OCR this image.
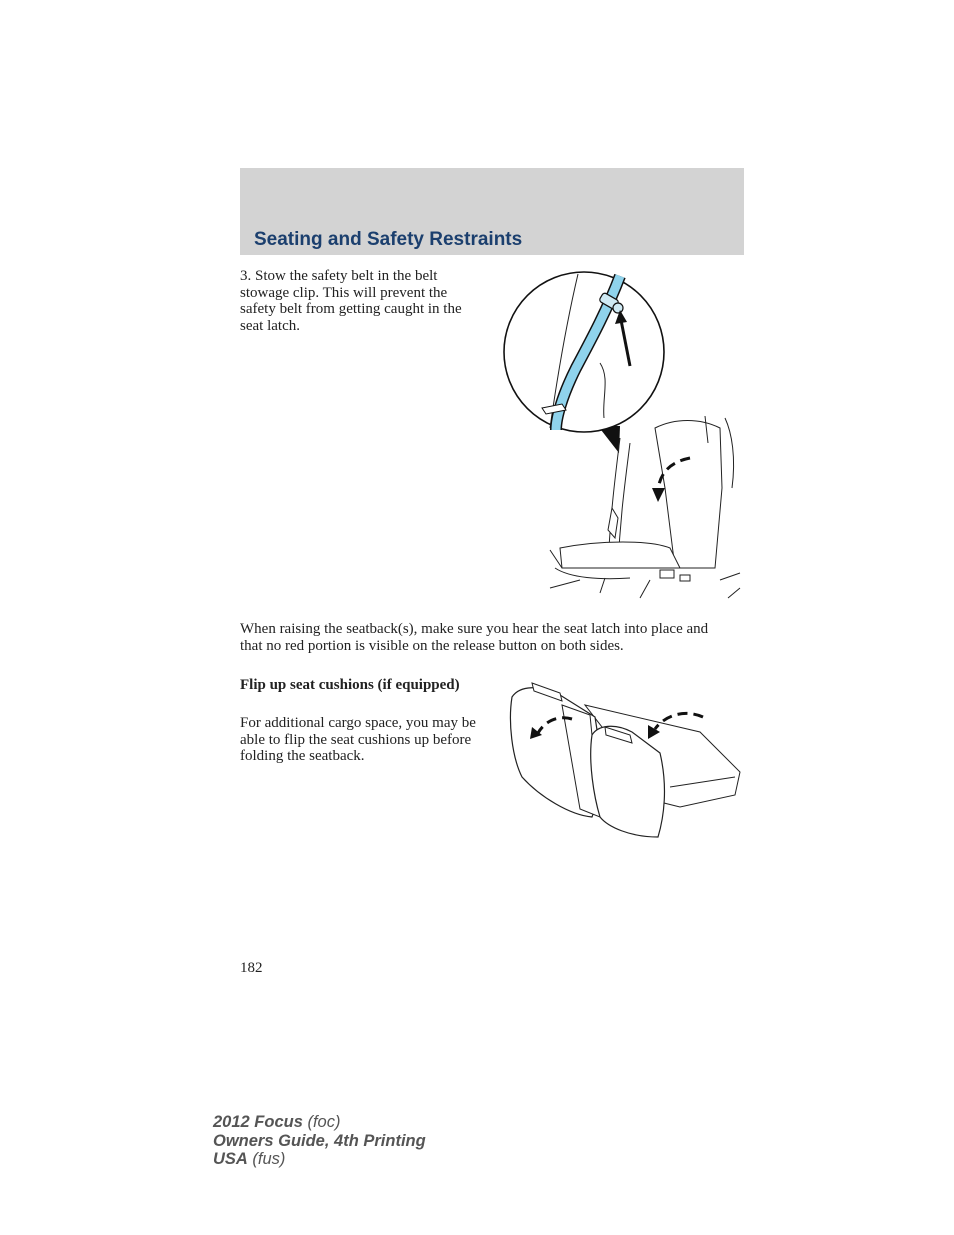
Seating and Safety Restraints

3. Stow the safety belt in the belt stowage clip. This will prevent the safety belt from getting caught in the seat latch.

When raising the seatback(s), make sure you hear the seat latch into place and that no red portion is visible on the release button on both sides.

Flip up seat cushions (if equipped)

For additional cargo space, you may be able to flip the seat cushions up before folding the seatback.

182

2012 Focus (foc)
Owners Guide, 4th Printing
USA (fus)
